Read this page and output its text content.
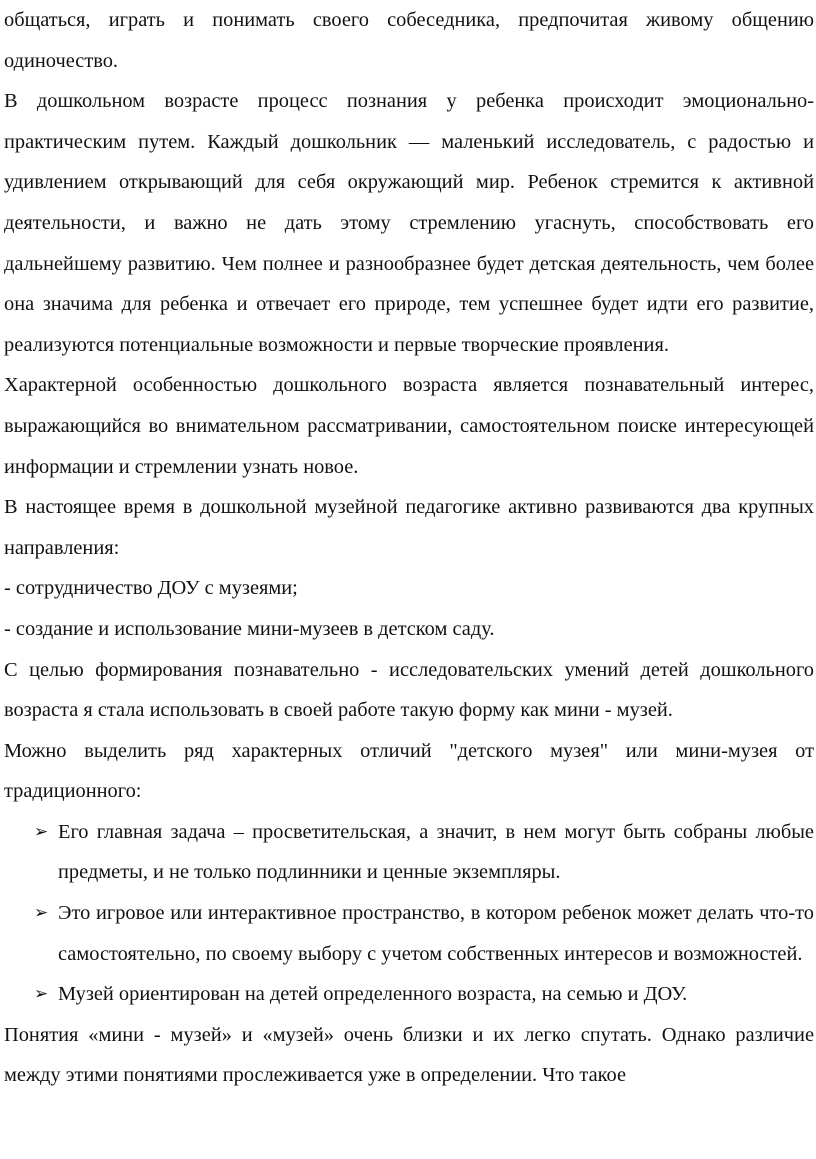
общаться, играть и понимать своего собеседника, предпочитая живому общению одиночество.

В дошкольном возрасте процесс познания у ребенка происходит эмоционально-практическим путем. Каждый дошкольник — маленький исследователь, с радостью и удивлением открывающий для себя окружающий мир. Ребенок стремится к активной деятельности, и важно не дать этому стремлению угаснуть, способствовать его дальнейшему развитию. Чем полнее и разнообразнее будет детская деятельность, чем более она значима для ребенка и отвечает его природе, тем успешнее будет идти его развитие, реализуются потенциальные возможности и первые творческие проявления.

Характерной особенностью дошкольного возраста является познавательный интерес, выражающийся во внимательном рассматривании, самостоятельном поиске интересующей информации и стремлении узнать новое.

В настоящее время в дошкольной музейной педагогике активно развиваются два крупных направления:

- сотрудничество ДОУ с музеями;

- создание и использование мини-музеев в детском саду.

С целью формирования познавательно - исследовательских умений детей дошкольного возраста я стала использовать в своей работе такую форму как мини - музей.

Можно выделить ряд характерных отличий "детского музея" или мини-музея от традиционного:

➢ Его главная задача – просветительская, а значит, в нем могут быть собраны любые предметы, и не только подлинники и ценные экземпляры.
➢ Это игровое или интерактивное пространство, в котором ребенок может делать что-то самостоятельно, по своему выбору с учетом собственных интересов и возможностей.
➢ Музей ориентирован на детей определенного возраста, на семью и ДОУ.

Понятия «мини - музей» и «музей» очень близки и их легко спутать. Однако различие между этими понятиями прослеживается уже в определении. Что такое
